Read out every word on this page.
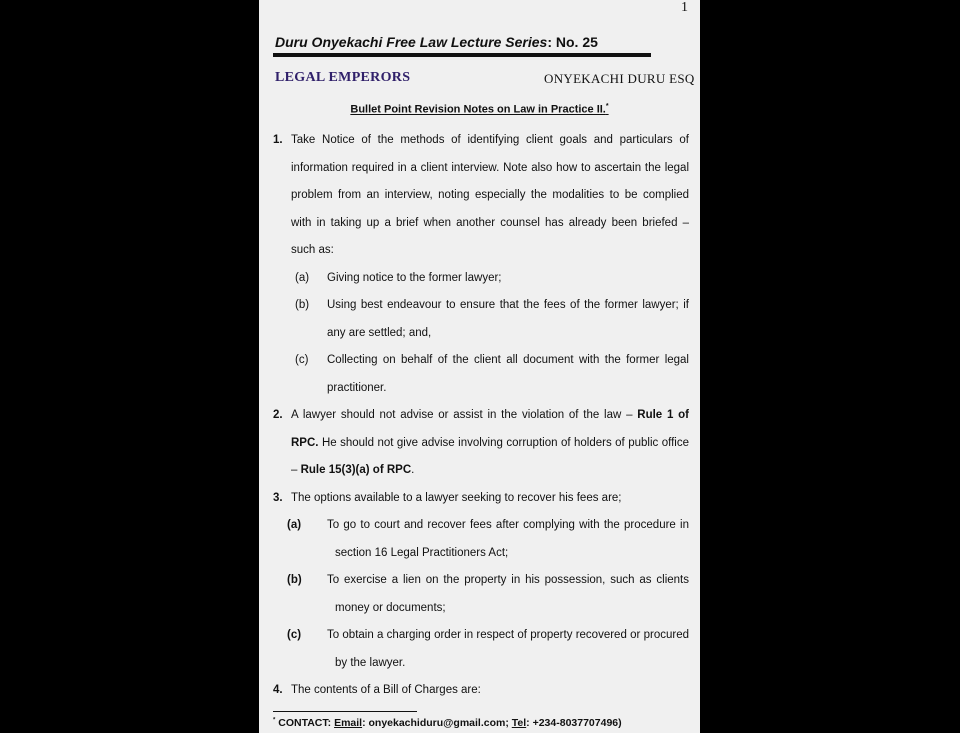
1
Duru Onyekachi Free Law Lecture Series: No. 25
LEGAL EMPERORS	ONYEKACHI DURU ESQ
Bullet Point Revision Notes on Law in Practice II.*
1. Take Notice of the methods of identifying client goals and particulars of information required in a client interview. Note also how to ascertain the legal problem from an interview, noting especially the modalities to be complied with in taking up a brief when another counsel has already been briefed – such as:
(a) Giving notice to the former lawyer;
(b) Using best endeavour to ensure that the fees of the former lawyer; if any are settled; and,
(c) Collecting on behalf of the client all document with the former legal practitioner.
2. A lawyer should not advise or assist in the violation of the law – Rule 1 of RPC. He should not give advise involving corruption of holders of public office – Rule 15(3)(a) of RPC.
3. The options available to a lawyer seeking to recover his fees are;
(a) To go to court and recover fees after complying with the procedure in section 16 Legal Practitioners Act;
(b) To exercise a lien on the property in his possession, such as clients money or documents;
(c) To obtain a charging order in respect of property recovered or procured by the lawyer.
4. The contents of a Bill of Charges are:
* CONTACT: Email: onyekachiduru@gmail.com; Tel: +234-8037707496)
